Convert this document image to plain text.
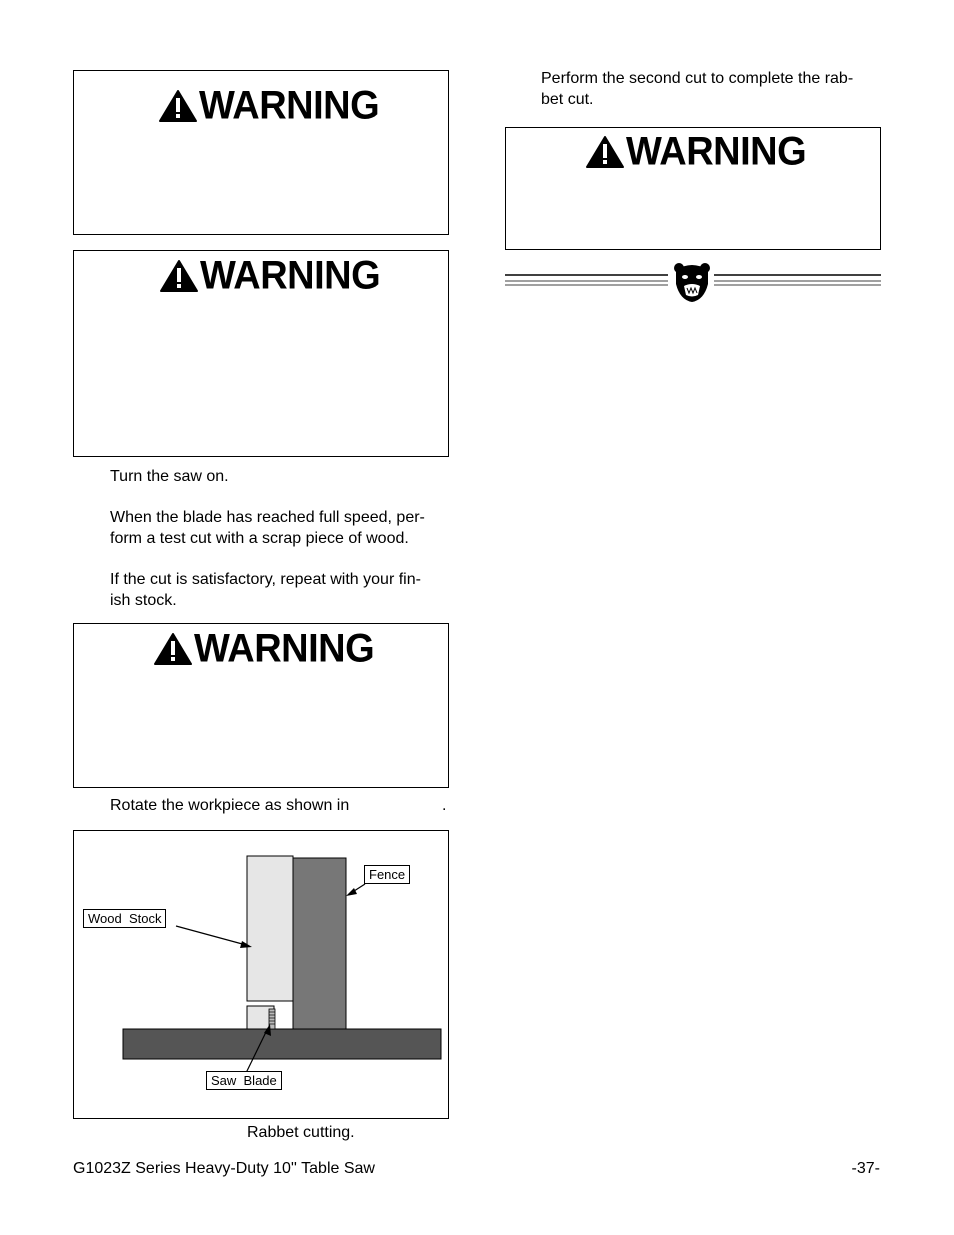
WARNING
WARNING
Turn the saw on.
When the blade has reached full speed, per-
form a test cut with a scrap piece of wood.
If the cut is satisfactory, repeat with your fin-
ish stock.
WARNING
Rotate the workpiece as shown in	.
Fence
Wood  Stock
Saw  Blade
Rabbet cutting.
Perform the second cut to complete the rab-
bet cut.
WARNING
G1023Z Series Heavy-Duty 10'' Table Saw	-37-
